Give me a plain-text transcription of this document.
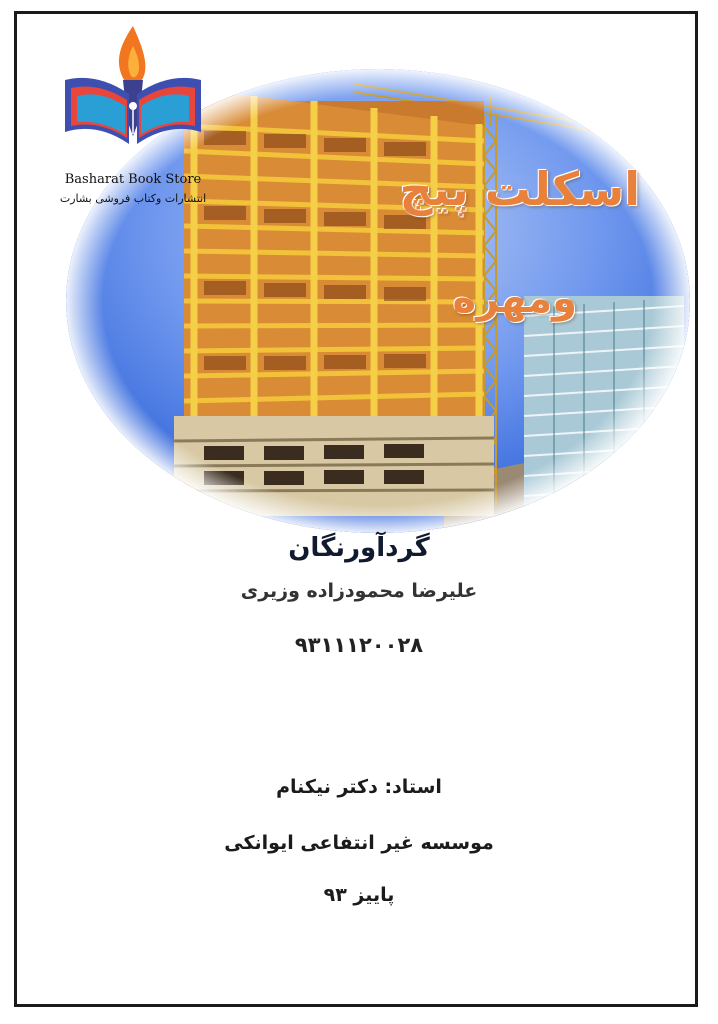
Basharat Book Store
انتشارات وکتاب فروشی بشارت	اسکلت پیچ
ومهره
گردآورنگان
علیرضا محمودزاده وزیری
۹۳۱۱۱۲۰۰۲۸
استاد: دکتر نیکنام
موسسه غیر انتفاعی ایوانکی
پاییز ۹۳
